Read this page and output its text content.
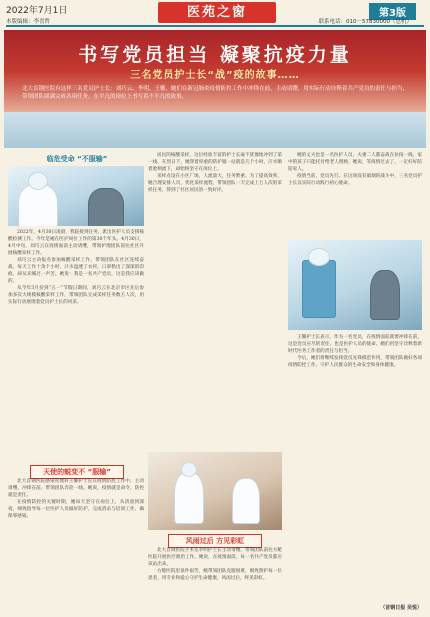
2022年7月1日
本版编辑：李喜哲
医苑之窗	第3版
联系电话：010－57830000（总机）
书写党员担当 凝聚抗疫力量
三名党员护士长“战”疫的故事……
北大首钢医院有这样三名党员护士长：刘巧云、李明、王馨，她们在新冠肺炎疫情防控工作中冲锋在前，主动请缨，用实际行动诠释着共产党员的责任与担当，带领团队圆满完成各项任务，在平凡的岗位上书写着不平凡的故事。
临危受命 “不服输”

2022年，4月30日凌晨，我院接到任务，派出医护人员支援核酸检测工作。今年是她在医护岗位工作的第30个年头。4月30日，4月中旬，刘巧云在疫情面前主动请缨，带领护理团队前往社区开展核酸采样工作。

刘巧云主动报名参加核酸采样工作，带领团队在社区连续奋战，每天工作十余个小时，汗水湿透了衣衫，口罩勒出了深深的印痕，却从未喊过一声苦。她说：我是一名共产党员，这是我应该做的。

从今年3月份到“五一”节假日期间，刘巧云在北京市区先后参加多次大规模核酸采样工作，带领团队完成采样任务数万人次，用实际行动展现着党员护士长的风采。

天使的蜕变不 “服输”

北大首钢医院感染管理科王馨护士长在疫情防控工作中，主动请缨，冲锋在前，带领团队奔赴一线。她说，疫情就是命令，防控就是责任。

在疫情防控的关键时期，她每天坚守在岗位上，从清晨到深夜，细致指导每一位医护人员做好防护，完成消杀与培训工作，确保零感染。

居民的核酸采样，这位经验丰富的护士长毫不犹豫地冲到了第一线，在烈日下，她穿着厚重的防护服一站就是几个小时，汗水顺着脸颊流下，却始终坚守在岗位上。

采样点设在小区广场，人流量大，任务繁重。为了提高效率，她合理安排人员，优化采样流程，带领团队一天完成上万人次的采样任务，得到了社区居民的一致好评。

风雨过后 方见彩虹

北大首钢医院手术室李明护士长主动请缨，带领团队前往方舱医院开展医疗救治工作。她说，在疫情面前，每一名共产党员都应该站出来。

方舱医院里条件艰苦，她带领团队克服困难，细致照护每一位患者，用专业和爱心守护生命健康，风雨过后，终见彩虹。

她的丈夫也是一名医护人员，夫妻二人都奋战在抗疫一线，家中的孩子只能托付给老人照顾，她说，等疫情过去了，一定好好陪陪家人。

疫情当前，党员先行。在这场没有硝烟的战斗中，三名党员护士长以实际行动践行初心使命。

王馨护士长表示，作为一名党员，在疫情面前就要冲锋在前，这是党员应尽的责任，也是医护人员的使命。她们用坚守诠释着新时代医务工作者的责任与担当。

今后，她们将继续发扬党员先锋模范作用，带领团队做好各项疫情防控工作，守护人民群众的生命安全和身体健康。

（首钢日报 吴悦）
